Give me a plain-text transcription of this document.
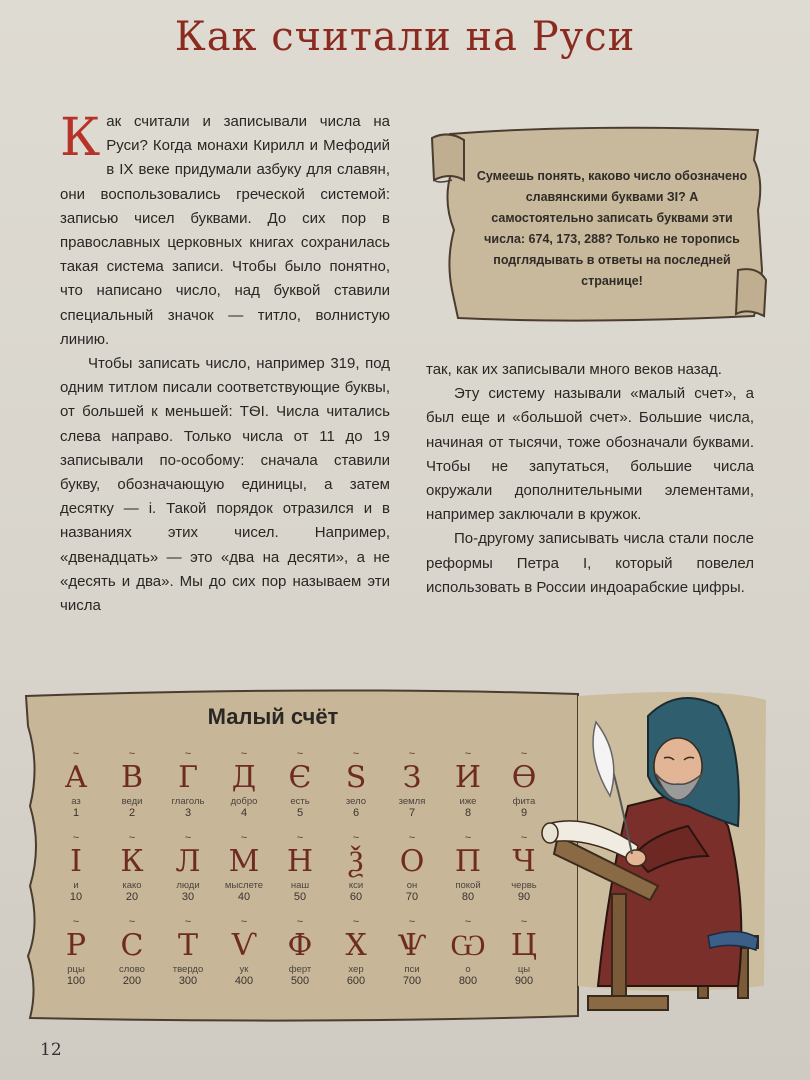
Как считали на Руси

Как считали и записывали числа на Руси? Когда монахи Кирилл и Мефодий в IX веке придумали азбуку для славян, они воспользовались греческой системой: записью чисел буквами. До сих пор в православных церковных книгах сохранилась такая система записи. Чтобы было понятно, что написано число, над буквой ставили специальный значок — титло, волнистую линию.

Чтобы записать число, например 319, под одним титлом писали соответствующие буквы, от большей к меньшей: ТѲI. Числа читались слева направо. Только числа от 11 до 19 записывали по-особому: сначала ставили букву, обозначающую единицы, а затем десятку — і. Такой порядок отразился и в названиях этих чисел. Например, «двенадцать» — это «два на десяти», а не «десять и два». Мы до сих пор называем эти числа

Сумеешь понять, каково число обозначено славянскими буквами ЗІ? А самостоятельно записать буквами эти числа: 674, 173, 288? Только не торопись подглядывать в ответы на последней странице!

так, как их записывали много веков назад.

Эту систему называли «малый счет», а был еще и «большой счет». Большие числа, начиная от тысячи, тоже обозначали буквами. Чтобы не запутаться, большие числа окружали дополнительными элементами, например заключали в кружок.

По-другому записывать числа стали после реформы Петра I, который повелел использовать в России индоарабские цифры.

Малый счёт
~
А
аз
1
~
В
веди
2
~
Г
глаголь
3
~
Д
добро
4
~
Є
есть
5
~
Ѕ
зело
6
~
З
земля
7
~
И
иже
8
~
Ѳ
фита
9
~
І
и
10
~
К
како
20
~
Л
люди
30
~
М
мыслете
40
~
Н
наш
50
~
Ѯ
кси
60
~
О
он
70
~
П
покой
80
~
Ч
червь
90
~
Р
рцы
100
~
С
слово
200
~
Т
твердо
300
~
Ѵ
ук
400
~
Ф
ферт
500
~
Х
хер
600
~
Ѱ
пси
700
~
Ѡ
о
800
~
Ц
цы
900
12
